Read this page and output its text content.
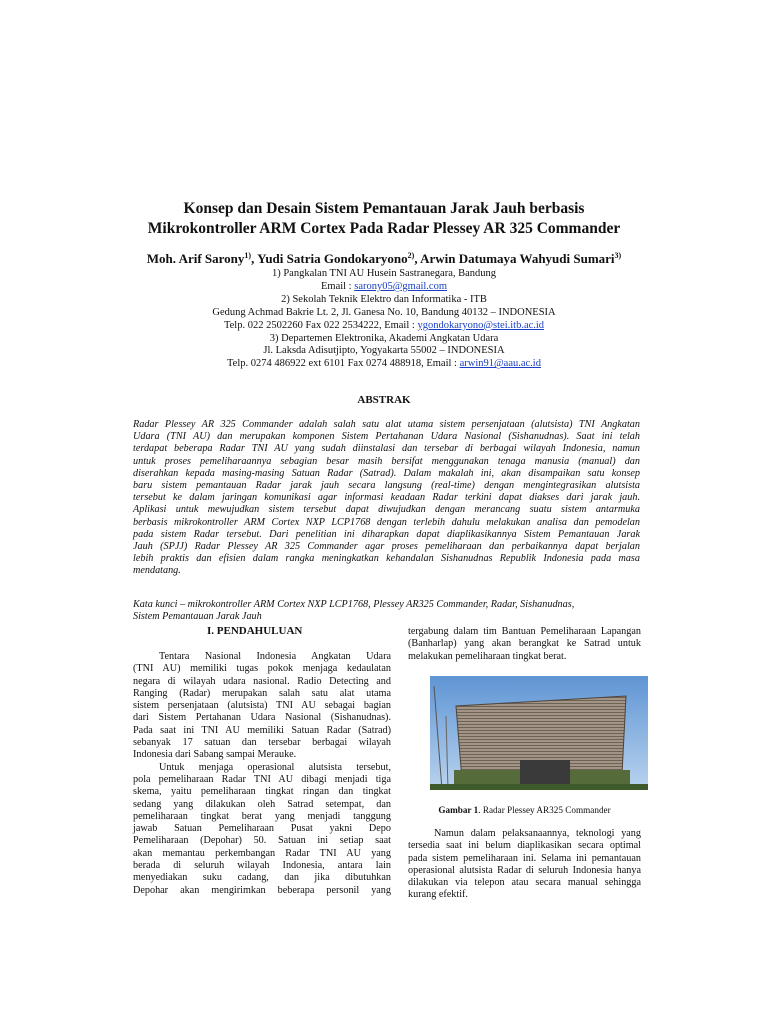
Konsep dan Desain Sistem Pemantauan Jarak Jauh berbasis
Mikrokontroller ARM Cortex Pada Radar Plessey AR 325 Commander
Moh. Arif Sarony$^{1)}$, Yudi Satria Gondokaryono$^{2)}$, Arwin Datumaya Wahyudi Sumari$^{3)}$
1) Pangkalan TNI AU Husein Sastranegara, Bandung
Email : sarony05@gmail.com
2) Sekolah Teknik Elektro dan Informatika - ITB
Gedung Achmad Bakrie Lt. 2, Jl. Ganesa No. 10, Bandung 40132 – INDONESIA
Telp. 022 2502260 Fax 022 2534222, Email : ygondokaryono@stei.itb.ac.id
3) Departemen Elektronika, Akademi Angkatan Udara
Jl. Laksda Adisutjipto, Yogyakarta 55002 – INDONESIA
Telp. 0274 486922 ext 6101 Fax 0274 488918, Email : arwin91@aau.ac.id
ABSTRAK
Radar Plessey AR 325 Commander adalah salah satu alat utama sistem persenjataan (alutsista) TNI Angkatan
Udara (TNI AU) dan merupakan komponen Sistem Pertahanan Udara Nasional (Sishanudnas). Saat ini telah
terdapat beberapa Radar TNI AU yang sudah diinstalasi dan tersebar di berbagai wilayah Indonesia, namun
untuk proses pemeliharaannya sebagian besar masih bersifat menggunakan tenaga manusia (manual) dan
diserahkan kepada masing-masing Satuan Radar (Satrad). Dalam makalah ini, akan disampaikan satu konsep
baru sistem pemantauan Radar jarak jauh secara langsung (real-time) dengan mengintegrasikan alutsista
tersebut ke dalam jaringan komunikasi agar informasi keadaan Radar terkini dapat diakses dari jarak jauh.
Aplikasi untuk mewujudkan sistem tersebut dapat diwujudkan dengan merancang suatu sistem antarmuka
berbasis mikrokontroller ARM Cortex NXP LCP1768 dengan terlebih dahulu melakukan analisa dan pemodelan
pada sistem Radar tersebut. Dari penelitian ini diharapkan dapat diaplikasikannya Sistem Pemantauan Jarak
Jauh (SPJJ) Radar Plessey AR 325 Commander agar proses pemeliharaan dan perbaikannya dapat berjalan
lebih praktis dan efisien dalam rangka meningkatkan kehandalan Sishanudnas Republik Indonesia pada masa
mendatang.
Kata kunci – mikrokontroller ARM Cortex NXP LCP1768, Plessey AR325 Commander, Radar, Sishanudnas,
Sistem Pemantauan Jarak Jauh
I. PENDAHULUAN
Tentara Nasional Indonesia Angkatan Udara
(TNI AU) memiliki tugas pokok menjaga kedaulatan
negara di wilayah udara nasional. Radio Detecting and
Ranging (Radar) merupakan salah satu alat utama
sistem persenjataan (alutsista) TNI AU sebagai bagian
dari Sistem Pertahanan Udara Nasional (Sishanudnas).
Pada saat ini TNI AU memiliki Satuan Radar (Satrad)
sebanyak 17 satuan dan tersebar berbagai wilayah
Indonesia dari Sabang sampai Merauke.
Untuk menjaga operasional alutsista tersebut,
pola pemeliharaan Radar TNI AU dibagi menjadi tiga
skema, yaitu pemeliharaan tingkat ringan dan tingkat
sedang yang dilakukan oleh Satrad setempat, dan
pemeliharaan tingkat berat yang menjadi tanggung
jawab Satuan Pemeliharaan Pusat yakni Depo
Pemeliharaan (Depohar) 50. Satuan ini setiap saat
akan memantau perkembangan Radar TNI AU yang
berada di seluruh wilayah Indonesia, antara lain
menyediakan suku cadang, dan jika dibutuhkan
Depohar akan mengirimkan beberapa personil yang
tergabung dalam tim Bantuan Pemeliharaan Lapangan
(Banharlap) yang akan berangkat ke Satrad untuk
melakukan pemeliharaan tingkat berat.
Gambar 1. Radar Plessey AR325 Commander
Namun dalam pelaksanaannya, teknologi yang
tersedia saat ini belum diaplikasikan secara optimal
pada sistem pemeliharaan ini. Selama ini pemantauan
operasional alutsista Radar di seluruh Indonesia hanya
dilakukan via telepon atau secara manual sehingga
kurang efektif.
